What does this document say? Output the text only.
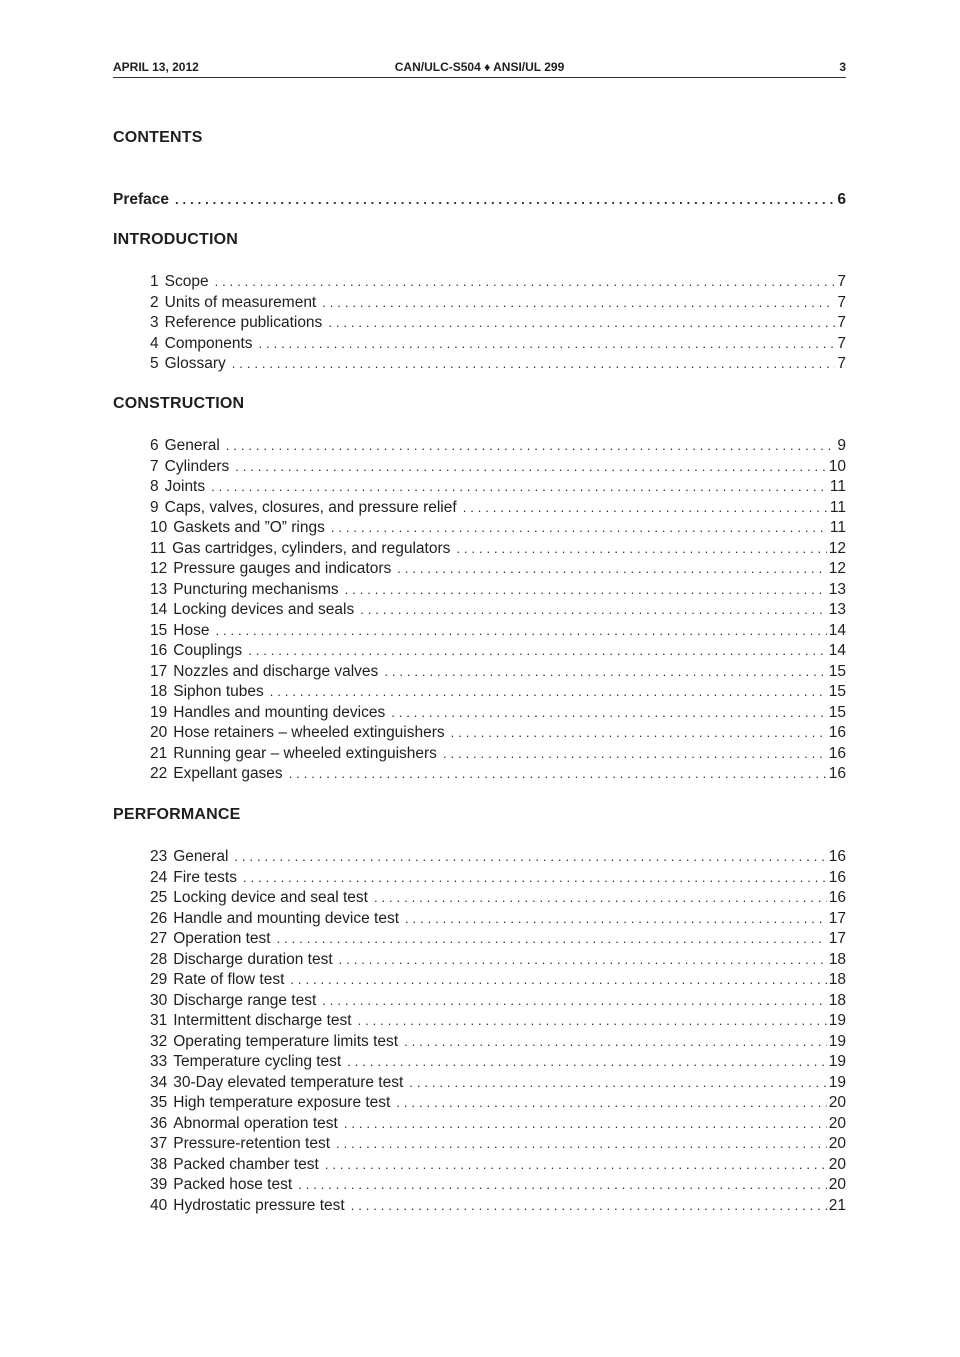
APRIL 13, 2012	CAN/ULC-S504 ♦ ANSI/UL 299	3
CONTENTS
Preface . . .	6
INTRODUCTION
1 Scope . . .	7
2 Units of measurement . . .	7
3 Reference publications . . .	7
4 Components . . .	7
5 Glossary . . .	7
CONSTRUCTION
6 General . . .	9
7 Cylinders . . .	10
8 Joints . . .	11
9 Caps, valves, closures, and pressure relief . . .	11
10 Gaskets and ”O” rings . . .	11
11 Gas cartridges, cylinders, and regulators . . .	12
12 Pressure gauges and indicators . . .	12
13 Puncturing mechanisms . . .	13
14 Locking devices and seals . . .	13
15 Hose . . .	14
16 Couplings . . .	14
17 Nozzles and discharge valves . . .	15
18 Siphon tubes . . .	15
19 Handles and mounting devices . . .	15
20 Hose retainers – wheeled extinguishers . . .	16
21 Running gear – wheeled extinguishers . . .	16
22 Expellant gases . . .	16
PERFORMANCE
23 General . . .	16
24 Fire tests . . .	16
25 Locking device and seal test . . .	16
26 Handle and mounting device test . . .	17
27 Operation test . . .	17
28 Discharge duration test . . .	18
29 Rate of flow test . . .	18
30 Discharge range test . . .	18
31 Intermittent discharge test . . .	19
32 Operating temperature limits test . . .	19
33 Temperature cycling test . . .	19
34 30-Day elevated temperature test . . .	19
35 High temperature exposure test . . .	20
36 Abnormal operation test . . .	20
37 Pressure-retention test . . .	20
38 Packed chamber test . . .	20
39 Packed hose test . . .	20
40 Hydrostatic pressure test . . .	21
